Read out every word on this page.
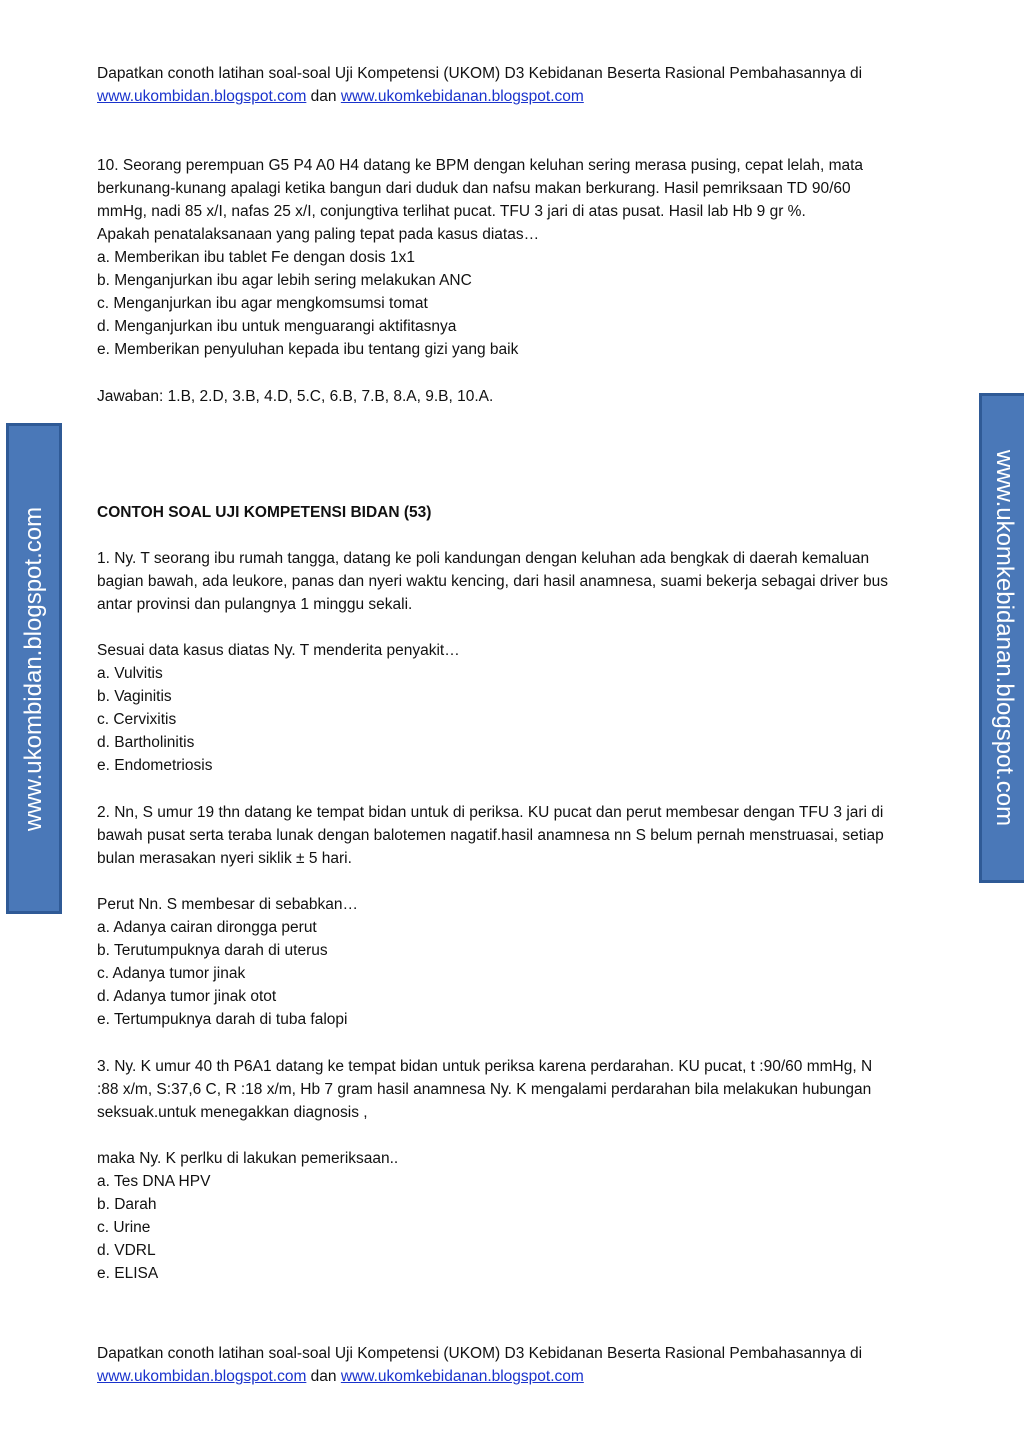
Dapatkan conoth latihan soal-soal Uji Kompetensi (UKOM) D3 Kebidanan Beserta Rasional Pembahasannya di
www.ukombidan.blogspot.com dan www.ukomkebidanan.blogspot.com
10. Seorang perempuan G5 P4 A0 H4 datang ke BPM dengan keluhan sering merasa pusing, cepat lelah, mata
berkunang-kunang apalagi ketika bangun dari duduk dan nafsu makan berkurang. Hasil pemriksaan TD 90/60
mmHg, nadi 85 x/I, nafas 25 x/I, conjungtiva terlihat pucat. TFU 3 jari di atas pusat. Hasil lab Hb 9 gr %.
Apakah penatalaksanaan yang paling tepat pada kasus diatas…
a. Memberikan ibu tablet Fe dengan dosis 1x1
b. Menganjurkan ibu agar lebih sering melakukan ANC
c. Menganjurkan ibu agar mengkomsumsi tomat
d. Menganjurkan ibu untuk menguarangi aktifitasnya
e. Memberikan penyuluhan kepada ibu tentang gizi yang baik
Jawaban: 1.B, 2.D, 3.B, 4.D, 5.C, 6.B, 7.B, 8.A, 9.B, 10.A.
CONTOH SOAL UJI KOMPETENSI BIDAN (53)
1. Ny. T seorang ibu rumah tangga, datang ke poli kandungan dengan keluhan ada bengkak di daerah kemaluan
bagian bawah, ada leukore, panas dan nyeri waktu kencing, dari hasil anamnesa, suami bekerja sebagai driver bus
antar provinsi dan pulangnya 1 minggu sekali.
Sesuai data kasus diatas Ny. T menderita penyakit…
a. Vulvitis
b. Vaginitis
c. Cervixitis
d. Bartholinitis
e. Endometriosis
2. Nn, S umur 19 thn datang ke tempat bidan untuk di periksa. KU pucat dan perut membesar dengan TFU 3 jari di
bawah pusat serta teraba lunak dengan balotemen nagatif.hasil anamnesa nn S belum pernah menstruasai, setiap
bulan merasakan nyeri siklik ± 5 hari.
Perut Nn. S membesar di sebabkan…
a. Adanya cairan dirongga perut
b. Terutumpuknya darah di uterus
c. Adanya tumor jinak
d. Adanya tumor jinak otot
e. Tertumpuknya darah di tuba falopi
3. Ny. K umur 40 th P6A1 datang ke tempat bidan untuk periksa karena perdarahan. KU pucat, t :90/60 mmHg, N
:88 x/m, S:37,6 C, R :18 x/m, Hb 7 gram hasil anamnesa Ny. K mengalami perdarahan bila melakukan hubungan
seksuak.untuk menegakkan diagnosis ,
maka Ny. K perlku di lakukan pemeriksaan..
a. Tes DNA HPV
b. Darah
c. Urine
d. VDRL
e. ELISA
Dapatkan conoth latihan soal-soal Uji Kompetensi (UKOM) D3 Kebidanan Beserta Rasional Pembahasannya di
www.ukombidan.blogspot.com dan www.ukomkebidanan.blogspot.com
www.ukombidan.blogspot.com	www.ukomkebidanan.blogspot.com
